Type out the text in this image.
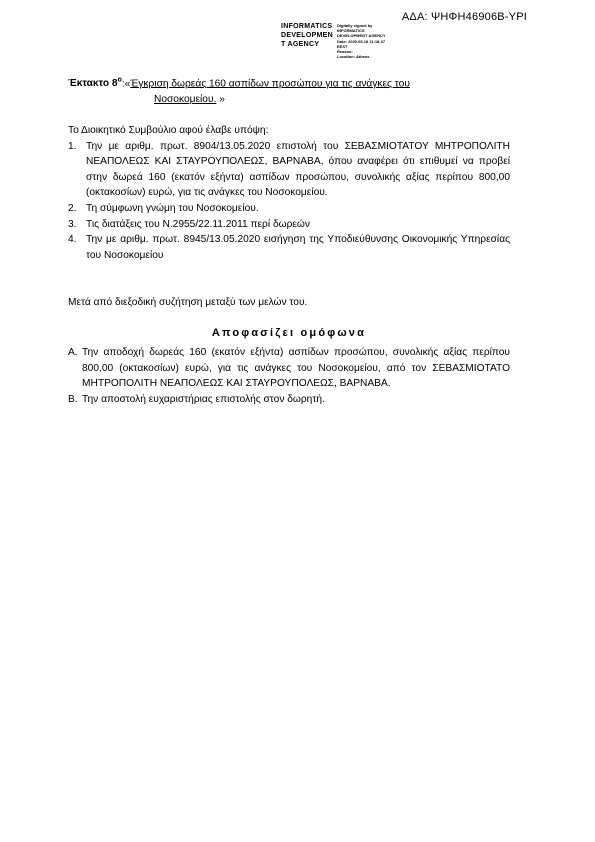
ΑΔΑ: ΨΗΦΗ46906Β-ΥΡΙ
INFORMATICS
DEVELOPMEN
T AGENCY
Digitally signed by
INFORMATICS
DEVELOPMENT AGENCY
Date: 2020.05.18 11:18:37
EEST
Reason:
Location: Athens
Έκτακτο $8^o:«Έ\gamma\kappa\rho\iota\sigma\eta$ δωρεάς 160 ασπίδων προσώπου για τις ανάγκες του
Νοσοκομείου. »
Το Διοικητικό Συμβούλιο αφού έλαβε υπόψη:
1. Την με αριθμ. πρωτ. 8904/13.05.2020 επιστολή του ΣΕΒΑΣΜΙΟΤΑΤΟΥ ΜΗΤΡΟΠΟΛΙΤΗ ΝΕΑΠΟΛΕΩΣ ΚΑΙ ΣΤΑΥΡΟΥΠΟΛΕΩΣ, ΒΑΡΝΑΒΑ, όπου αναφέρει ότι επιθυμεί να προβεί στην δωρεά 160 (εκατόν εξήντα) ασπίδων προσώπου, συνολικής αξίας περίπου 800,00 (οκτακοσίων) ευρώ, για τις ανάγκες του Νοσοκομείου.
2. Τη σύμφωνη γνώμη του Νοσοκομείου.
3. Τις διατάξεις του Ν.2955/22.11.2011 περί δωρεών
4. Την με αριθμ. πρωτ. 8945/13.05.2020 εισήγηση της Υποδιεύθυνσης Οικονομικής Υπηρεσίας του Νοσοκομείου
Μετά από διεξοδική συζήτηση μεταξύ των μελών του.
Αποφασίζει ομόφωνα
Α. Την αποδοχή δωρεάς 160 (εκατόν εξήντα) ασπίδων προσώπου, συνολικής αξίας περίπου 800,00 (οκτακοσίων) ευρώ, για τις ανάγκες του Νοσοκομείου, από τον ΣΕΒΑΣΜΙΟΤΑΤΟ ΜΗΤΡΟΠΟΛΙΤΗ ΝΕΑΠΟΛΕΩΣ ΚΑΙ ΣΤΑΥΡΟΥΠΟΛΕΩΣ, ΒΑΡΝΑΒΑ.
Β. Την αποστολή ευχαριστήριας επιστολής στον δωρητή.
